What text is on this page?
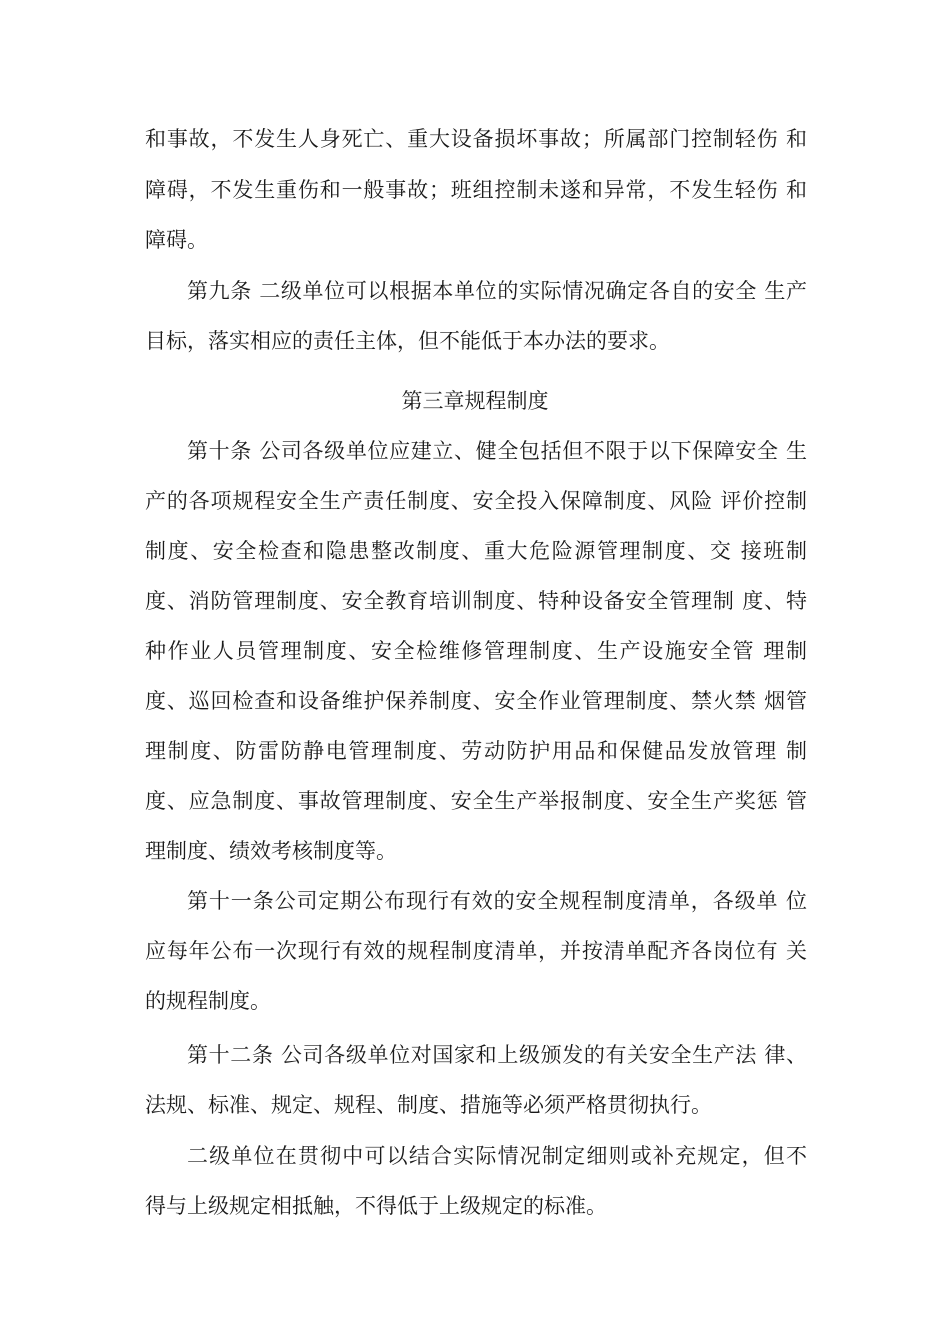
和事故，不发生人身死亡、重大设备损坏事故；所属部门控制轻伤 和
障碍，不发生重伤和一般事故；班组控制未遂和异常，不发生轻伤 和
障碍。
第九条 二级单位可以根据本单位的实际情况确定各自的安全 生产
目标，落实相应的责任主体，但不能低于本办法的要求。
第三章规程制度
第十条 公司各级单位应建立、健全包括但不限于以下保障安全 生
产的各项规程安全生产责任制度、安全投入保障制度、风险 评价控制
制度、安全检查和隐患整改制度、重大危险源管理制度、交 接班制
度、消防管理制度、安全教育培训制度、特种设备安全管理制 度、特
种作业人员管理制度、安全检维修管理制度、生产设施安全管 理制
度、巡回检查和设备维护保养制度、安全作业管理制度、禁火禁 烟管
理制度、防雷防静电管理制度、劳动防护用品和保健品发放管理 制
度、应急制度、事故管理制度、安全生产举报制度、安全生产奖惩 管
理制度、绩效考核制度等。
第十一条公司定期公布现行有效的安全规程制度清单，各级单 位
应每年公布一次现行有效的规程制度清单，并按清单配齐各岗位有 关
的规程制度。
第十二条 公司各级单位对国家和上级颁发的有关安全生产法 律、
法规、标准、规定、规程、制度、措施等必须严格贯彻执行。
二级单位在贯彻中可以结合实际情况制定细则或补充规定，但不
得与上级规定相抵触，不得低于上级规定的标准。
